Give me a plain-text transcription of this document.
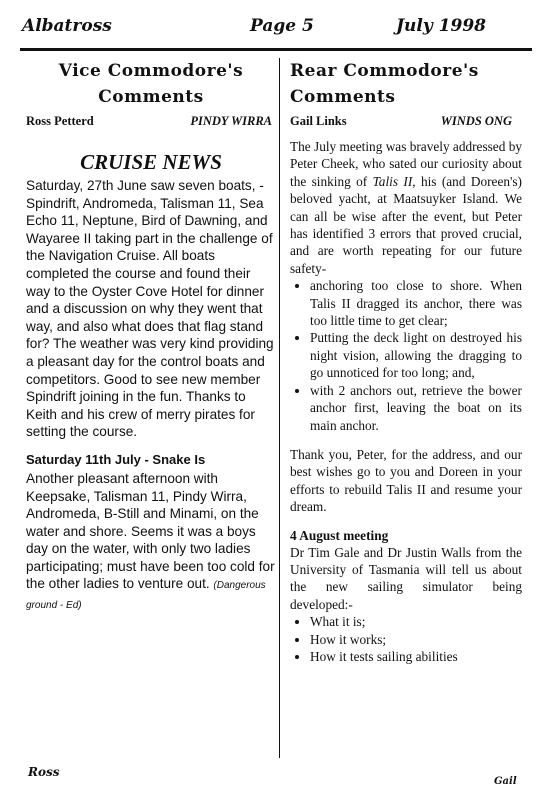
Albatross	Page 5	July 1998
Vice Commodore's
Comments
Ross Petterd	PINDY WIRRA
CRUISE NEWS

Saturday, 27th June saw seven boats, - Spindrift, Andromeda, Talisman 11, Sea Echo 11, Neptune, Bird of Dawning, and Wayaree II taking part in the challenge of the Navigation Cruise. All boats completed the course and found their way to the Oyster Cove Hotel for dinner and a discussion on why they went that way, and also what does that flag stand for? The weather was very kind providing a pleasant day for the control boats and competitors. Good to see new member Spindrift joining in the fun. Thanks to Keith and his crew of merry pirates for setting the course.

Saturday 11th July - Snake Is

Another pleasant afternoon with Keepsake, Talisman 11, Pindy Wirra, Andromeda, B-Still and Minami, on the water and shore. Seems it was a boys day on the water, with only two ladies participating; must have been too cold for the other ladies to venture out. (Dangerous ground - Ed)

Ross
Rear Commodore's
Comments
Gail Links	WINDS ONG

The July meeting was bravely addressed by Peter Cheek, who sated our curiosity about the sinking of Talis II, his (and Doreen's) beloved yacht, at Maatsuyker Island. We can all be wise after the event, but Peter has identified 3 errors that proved crucial, and are worth repeating for our future safety-

• anchoring too close to shore. When Talis II dragged its anchor, there was too little time to get clear;
• Putting the deck light on destroyed his night vision, allowing the dragging to go unnoticed for too long; and,
• with 2 anchors out, retrieve the bower anchor first, leaving the boat on its main anchor.

Thank you, Peter, for the address, and our best wishes go to you and Doreen in your efforts to rebuild Talis II and resume your dream.

4 August meeting

Dr Tim Gale and Dr Justin Walls from the University of Tasmania will tell us about the new sailing simulator being developed:-

• What it is;
• How it works;
• How it tests sailing abilities
Gail
